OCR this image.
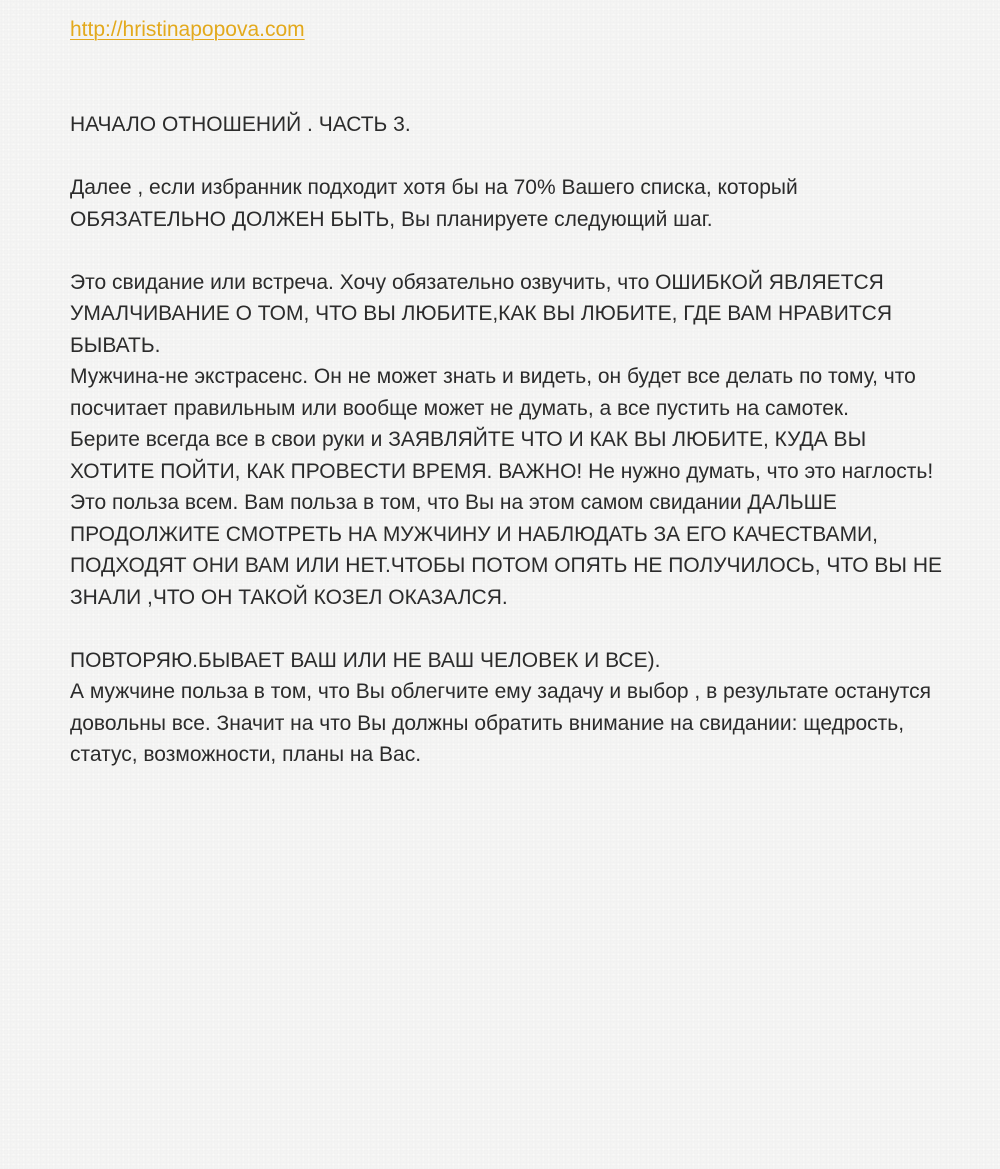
http://hristinapopova.com

НАЧАЛО ОТНОШЕНИЙ . ЧАСТЬ 3.

Далее , если избранник подходит хотя бы на 70% Вашего списка, который ОБЯЗАТЕЛЬНО ДОЛЖЕН БЫТЬ, Вы планируете следующий шаг.

Это свидание или встреча. Хочу обязательно озвучить, что ОШИБКОЙ ЯВЛЯЕТСЯ УМАЛЧИВАНИЕ О ТОМ, ЧТО ВЫ ЛЮБИТЕ,КАК ВЫ ЛЮБИТЕ, ГДЕ ВАМ НРАВИТСЯ БЫВАТЬ.

Мужчина-не экстрасенс. Он не может знать и видеть, он будет все делать по тому, что посчитает правильным или вообще может не думать, а все пустить на самотек.

Берите всегда все в свои руки и ЗАЯВЛЯЙТЕ ЧТО И КАК ВЫ ЛЮБИТЕ, КУДА ВЫ ХОТИТЕ ПОЙТИ, КАК ПРОВЕСТИ ВРЕМЯ. ВАЖНО! Не нужно думать, что это наглость!

Это польза всем. Вам польза в том, что Вы на этом самом свидании ДАЛЬШЕ ПРОДОЛЖИТЕ СМОТРЕТЬ НА МУЖЧИНУ И НАБЛЮДАТЬ ЗА ЕГО КАЧЕСТВАМИ, ПОДХОДЯТ ОНИ ВАМ ИЛИ НЕТ.ЧТОБЫ ПОТОМ ОПЯТЬ НЕ ПОЛУЧИЛОСЬ, ЧТО ВЫ НЕ ЗНАЛИ ,ЧТО ОН ТАКОЙ КОЗЕЛ ОКАЗАЛСЯ.

ПОВТОРЯЮ.БЫВАЕТ ВАШ ИЛИ НЕ ВАШ ЧЕЛОВЕК И ВСЕ).

А мужчине польза в том, что Вы облегчите ему задачу и выбор , в результате останутся довольны все. Значит на что Вы должны обратить внимание на свидании: щедрость, статус, возможности, планы на Вас.
